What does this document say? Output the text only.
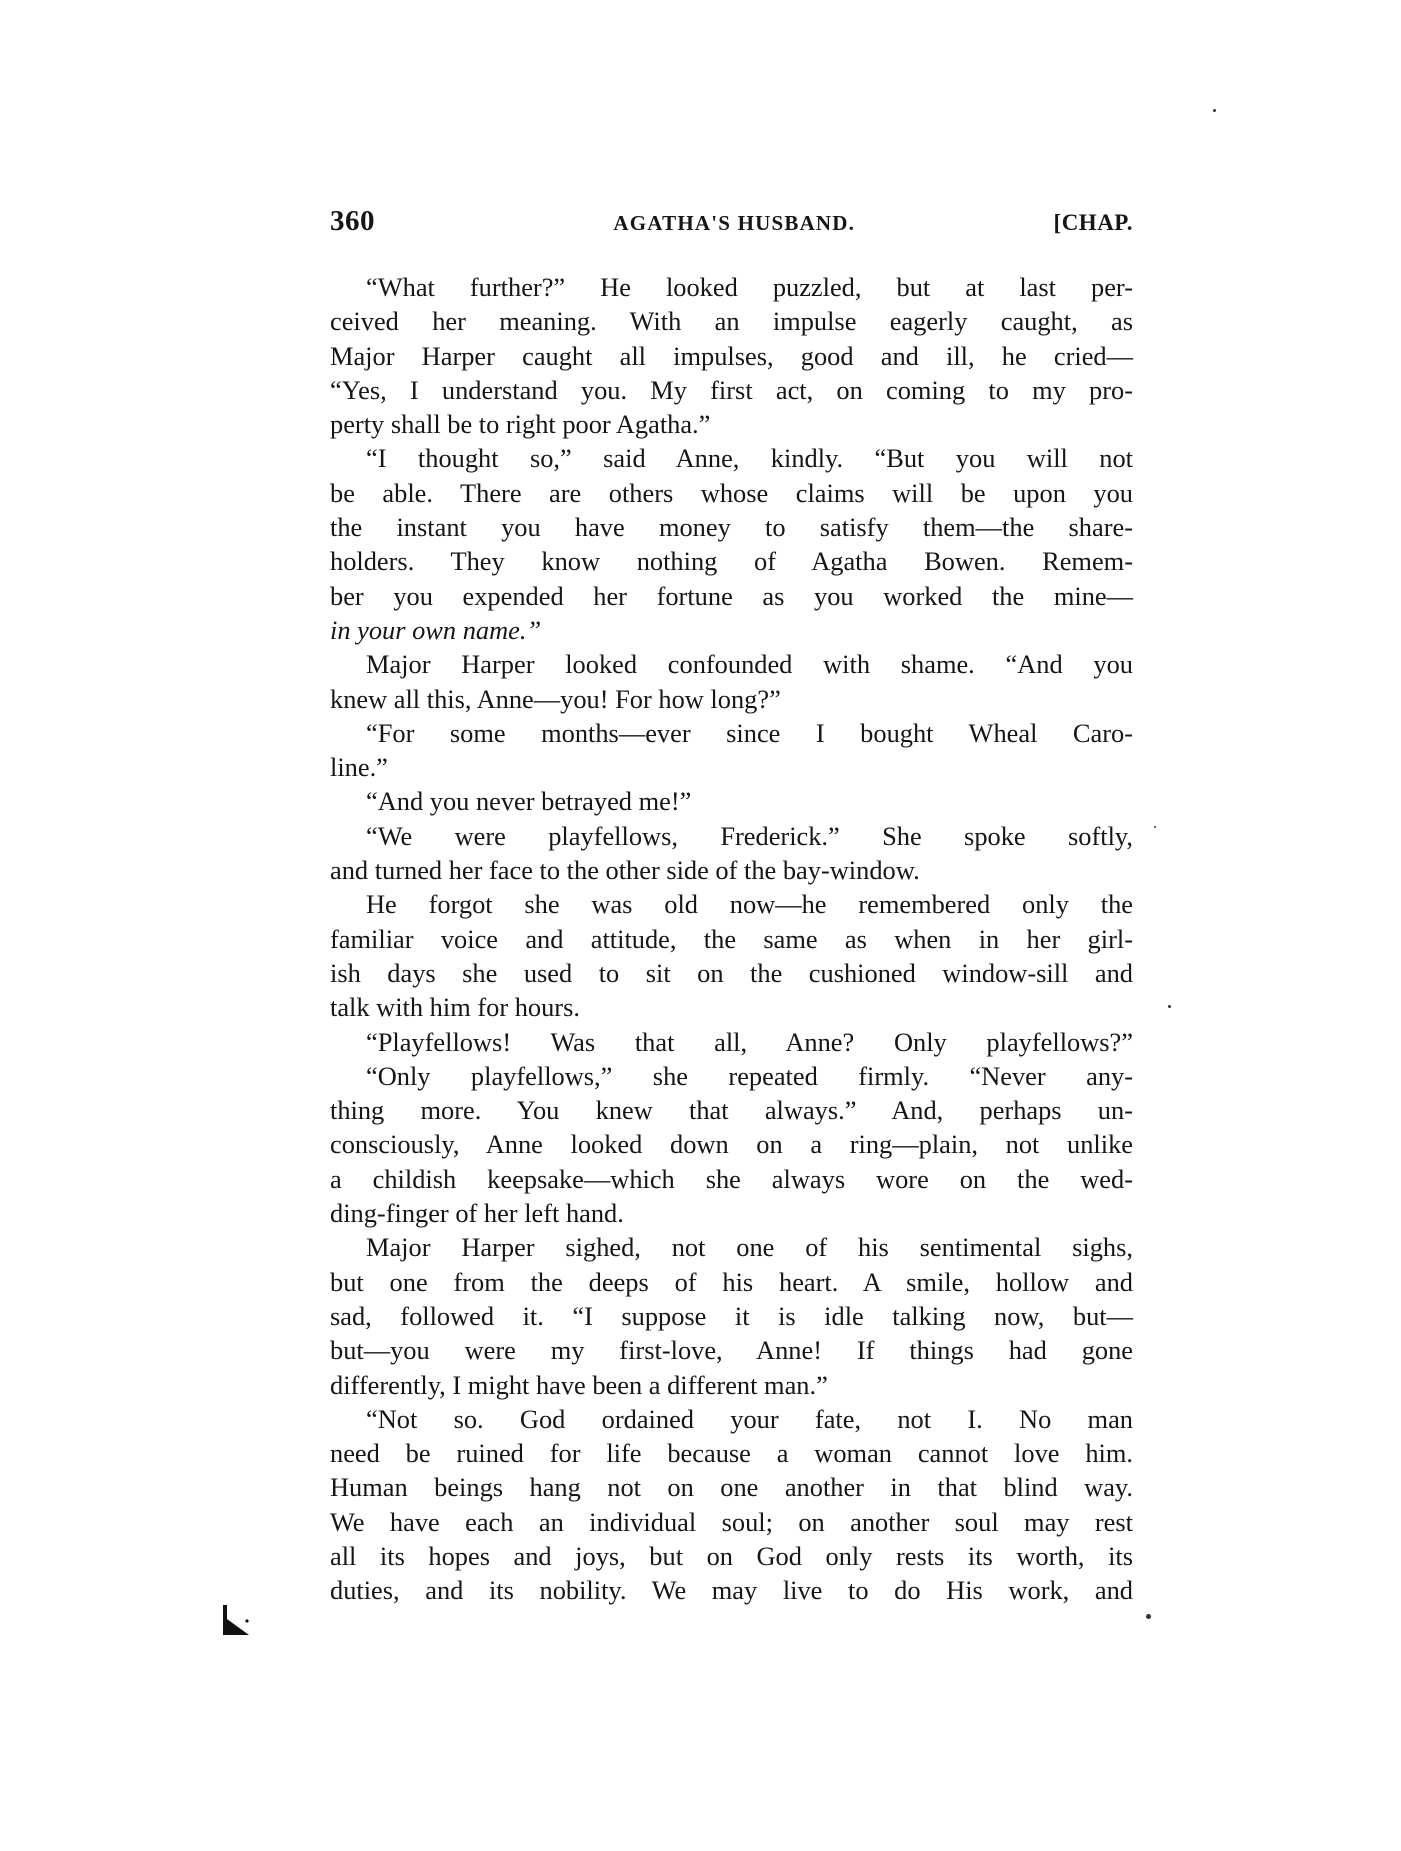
360	AGATHA'S HUSBAND.	[CHAP.
“What further?” He looked puzzled, but at last per-
ceived her meaning. With an impulse eagerly caught, as
Major Harper caught all impulses, good and ill, he cried—
“Yes, I understand you. My first act, on coming to my pro-
perty shall be to right poor Agatha.”
“I thought so,” said Anne, kindly. “But you will not
be able. There are others whose claims will be upon you
the instant you have money to satisfy them—the share-
holders. They know nothing of Agatha Bowen. Remem-
ber you expended her fortune as you worked the mine—
in your own name.”
Major Harper looked confounded with shame. “And you
knew all this, Anne—you! For how long?”
“For some months—ever since I bought Wheal Caro-
line.”
“And you never betrayed me!”
“We were playfellows, Frederick.” She spoke softly,
and turned her face to the other side of the bay-window.
He forgot she was old now—he remembered only the
familiar voice and attitude, the same as when in her girl-
ish days she used to sit on the cushioned window-sill and
talk with him for hours.
“Playfellows! Was that all, Anne? Only playfellows?”
“Only playfellows,” she repeated firmly. “Never any-
thing more. You knew that always.” And, perhaps un-
consciously, Anne looked down on a ring—plain, not unlike
a childish keepsake—which she always wore on the wed-
ding-finger of her left hand.
Major Harper sighed, not one of his sentimental sighs,
but one from the deeps of his heart. A smile, hollow and
sad, followed it. “I suppose it is idle talking now, but—
but—you were my first-love, Anne! If things had gone
differently, I might have been a different man.”
“Not so. God ordained your fate, not I. No man
need be ruined for life because a woman cannot love him.
Human beings hang not on one another in that blind way.
We have each an individual soul; on another soul may rest
all its hopes and joys, but on God only rests its worth, its
duties, and its nobility. We may live to do His work, and
